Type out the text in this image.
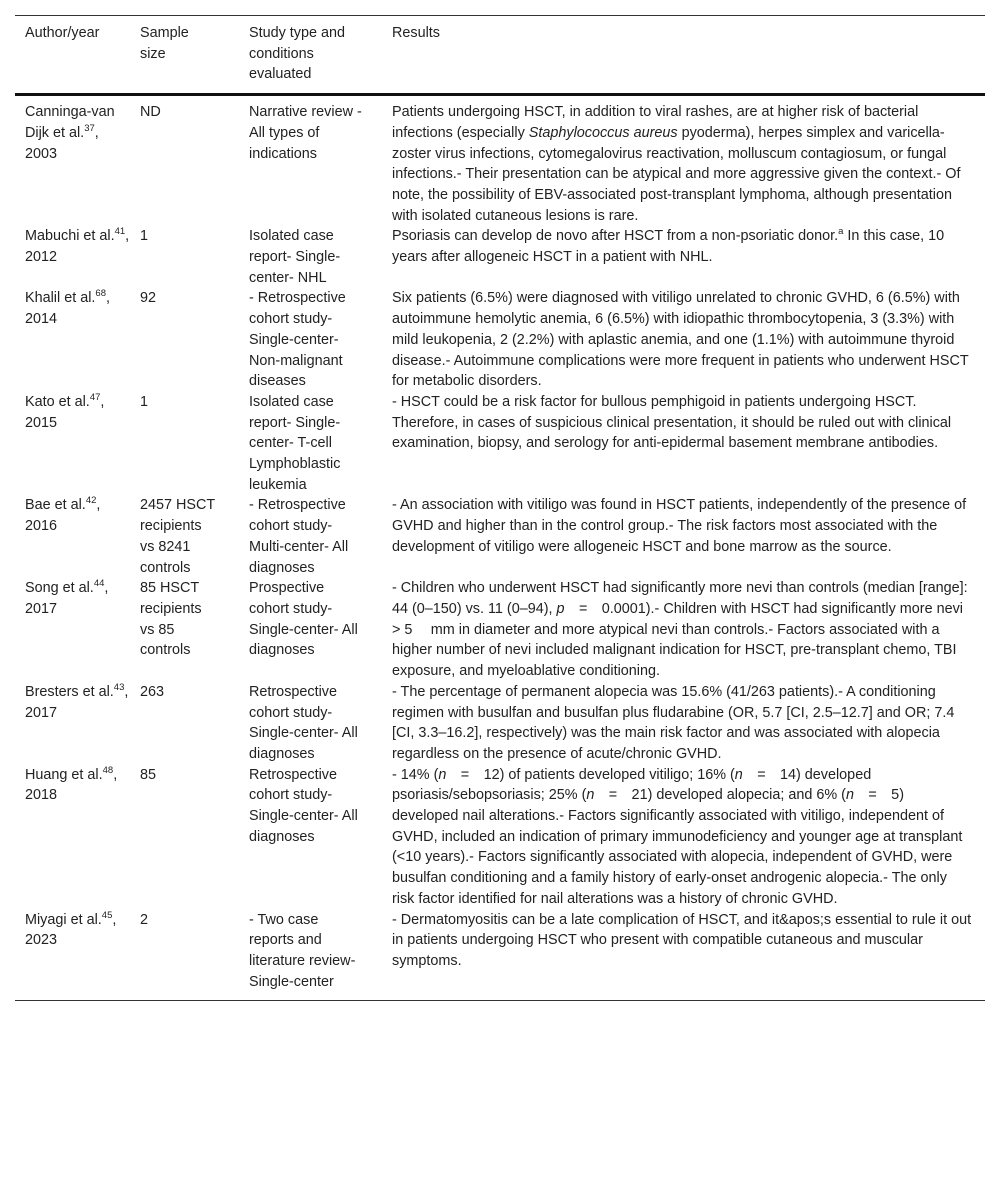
Author/year	Sample size	Study type and conditions evaluated	Results

Canninga-van Dijk et al.$^{37}$, 2003	ND	Narrative review - All types of indications	Patients undergoing HSCT, in addition to viral rashes, are at higher risk of bacterial infections (especially Staphylococcus aureus pyoderma), herpes simplex and varicella-zoster virus infections, cytomegalovirus reactivation, molluscum contagiosum, or fungal infections.- Their presentation can be atypical and more aggressive given the context.- Of note, the possibility of EBV-associated post-transplant lymphoma, although presentation with isolated cutaneous lesions is rare.

Mabuchi et al.$^{41}$, 2012	1	Isolated case report- Single-center- NHL	Psoriasis can develop de novo after HSCT from a non-psoriatic donor.$^a$ In this case, 10 years after allogeneic HSCT in a patient with NHL.

Khalil et al.$^{68}$, 2014	92	- Retrospective cohort study- Single-center- Non-malignant diseases	Six patients (6.5%) were diagnosed with vitiligo unrelated to chronic GVHD, 6 (6.5%) with autoimmune hemolytic anemia, 6 (6.5%) with idiopathic thrombocytopenia, 3 (3.3%) with mild leukopenia, 2 (2.2%) with aplastic anemia, and one (1.1%) with autoimmune thyroid disease.- Autoimmune complications were more frequent in patients who underwent HSCT for metabolic disorders.

Kato et al.$^{47}$, 2015	1	Isolated case report- Single-center- T-cell Lymphoblastic leukemia	- HSCT could be a risk factor for bullous pemphigoid in patients undergoing HSCT. Therefore, in cases of suspicious clinical presentation, it should be ruled out with clinical examination, biopsy, and serology for anti-epidermal basement membrane antibodies.

Bae et al.$^{42}$, 2016	2457 HSCT recipients vs 8241 controls	- Retrospective cohort study- Multi-center- All diagnoses	- An association with vitiligo was found in HSCT patients, independently of the presence of GVHD and higher than in the control group.- The risk factors most associated with the development of vitiligo were allogeneic HSCT and bone marrow as the source.

Song et al.$^{44}$, 2017	85 HSCT recipients vs 85 controls	Prospective cohort study- Single-center- All diagnoses	- Children who underwent HSCT had significantly more nevi than controls (median [range]: 44 (0–150) vs. 11 (0–94), p = 0.0001).- Children with HSCT had significantly more nevi > 5  mm in diameter and more atypical nevi than controls.- Factors associated with a higher number of nevi included malignant indication for HSCT, pre-transplant chemo, TBI exposure, and myeloablative conditioning.

Bresters et al.$^{43}$, 2017	263	Retrospective cohort study- Single-center- All diagnoses	- The percentage of permanent alopecia was 15.6% (41/263 patients).- A conditioning regimen with busulfan and busulfan plus fludarabine (OR, 5.7 [CI, 2.5–12.7] and OR; 7.4 [CI, 3.3–16.2], respectively) was the main risk factor and was associated with alopecia regardless on the presence of acute/chronic GVHD.

Huang et al.$^{48}$, 2018	85	Retrospective cohort study- Single-center- All diagnoses	- 14% (n = 12) of patients developed vitiligo; 16% (n = 14) developed psoriasis/sebopsoriasis; 25% (n = 21) developed alopecia; and 6% (n = 5) developed nail alterations.- Factors significantly associated with vitiligo, independent of GVHD, included an indication of primary immunodeficiency and younger age at transplant (<10 years).- Factors significantly associated with alopecia, independent of GVHD, were busulfan conditioning and a family history of early-onset androgenic alopecia.- The only risk factor identified for nail alterations was a history of chronic GVHD.

Miyagi et al.$^{45}$, 2023	2	- Two case reports and literature review- Single-center	- Dermatomyositis can be a late complication of HSCT, and it&apos;s essential to rule it out in patients undergoing HSCT who present with compatible cutaneous and muscular symptoms.
